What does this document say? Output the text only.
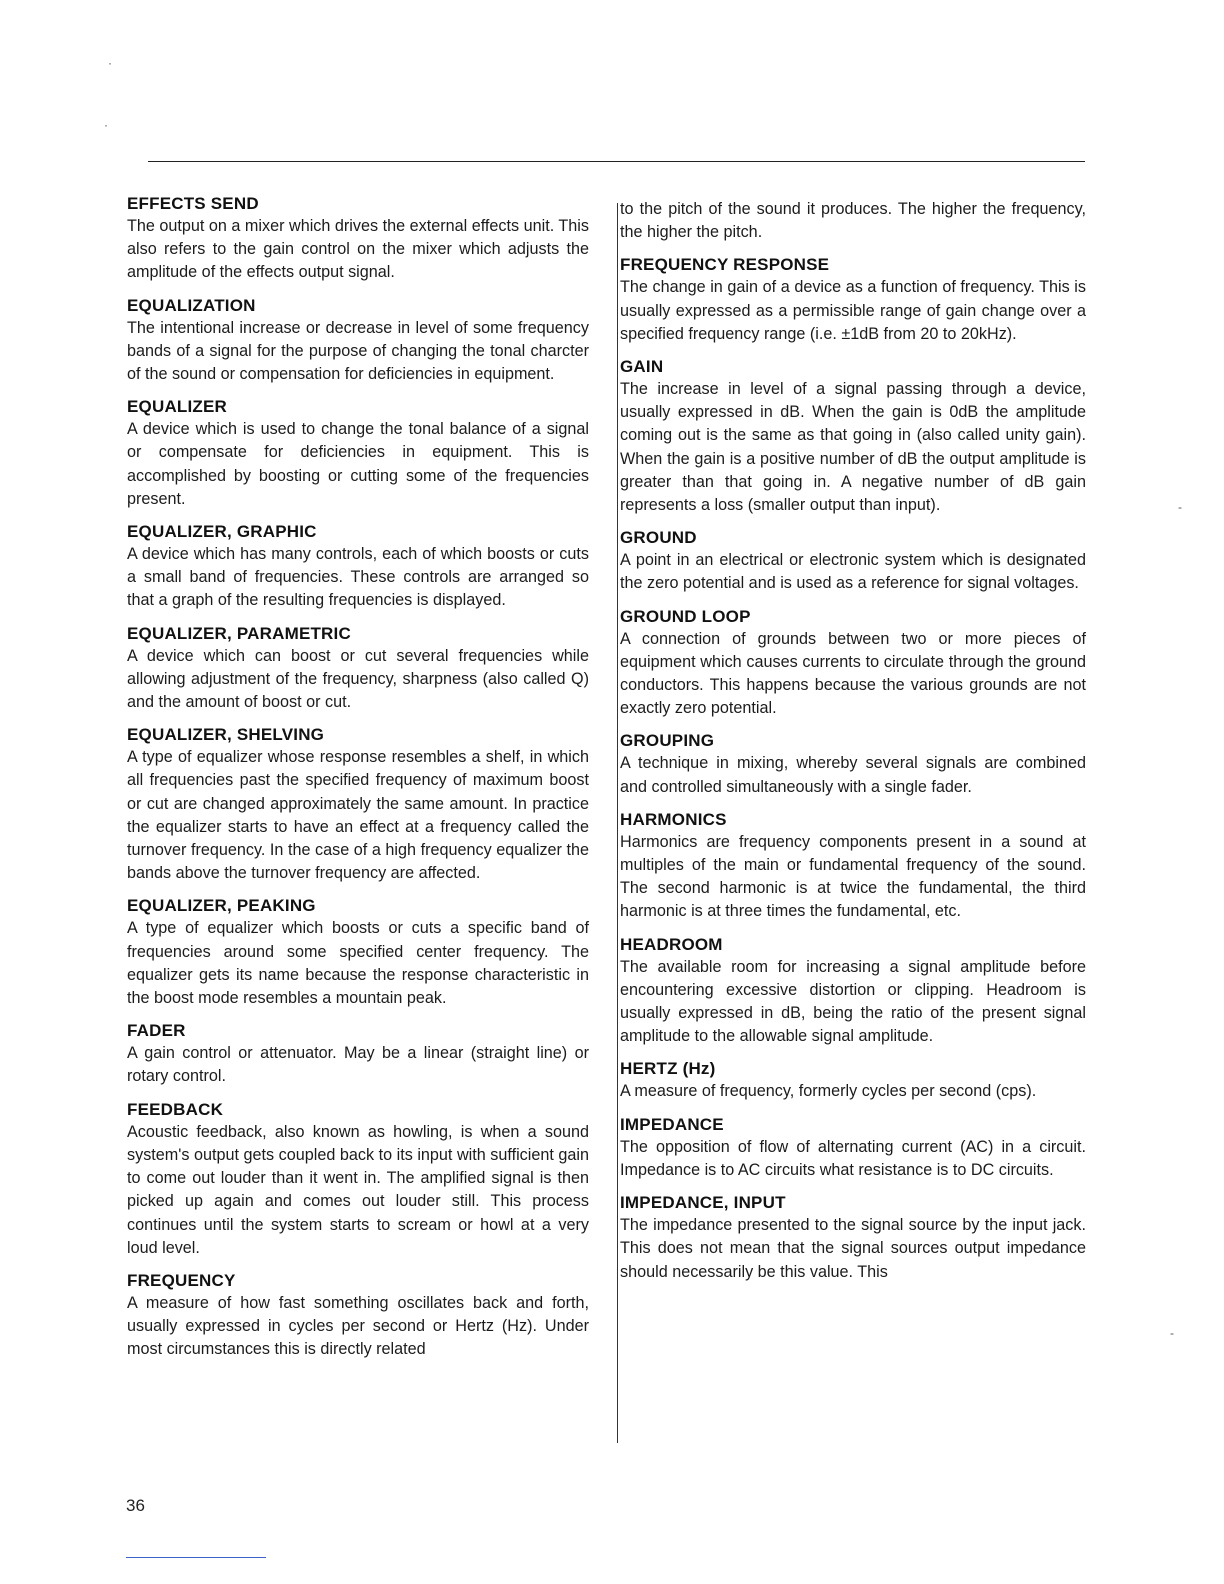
·
·
-
-

EFFECTS SEND

The output on a mixer which drives the external effects unit. This also refers to the gain control on the mixer which adjusts the amplitude of the effects output signal.

EQUALIZATION

The intentional increase or decrease in level of some frequency bands of a signal for the purpose of changing the tonal charcter of the sound or compensation for deficiencies in equipment.

EQUALIZER

A device which is used to change the tonal balance of a signal or compensate for deficiencies in equipment. This is accomplished by boosting or cutting some of the frequencies present.

EQUALIZER, GRAPHIC

A device which has many controls, each of which boosts or cuts a small band of frequencies. These controls are arranged so that a graph of the resulting frequencies is displayed.

EQUALIZER, PARAMETRIC

A device which can boost or cut several frequencies while allowing adjustment of the frequency, sharpness (also called Q) and the amount of boost or cut.

EQUALIZER, SHELVING

A type of equalizer whose response resembles a shelf, in which all frequencies past the specified frequency of maximum boost or cut are changed approximately the same amount. In practice the equalizer starts to have an effect at a frequency called the turnover frequency. In the case of a high frequency equalizer the bands above the turnover frequency are affected.

EQUALIZER, PEAKING

A type of equalizer which boosts or cuts a specific band of frequencies around some specified center frequency. The equalizer gets its name because the response characteristic in the boost mode resembles a mountain peak.

FADER

A gain control or attenuator. May be a linear (straight line) or rotary control.

FEEDBACK

Acoustic feedback, also known as howling, is when a sound system's output gets coupled back to its input with sufficient gain to come out louder than it went in. The amplified signal is then picked up again and comes out louder still. This process continues until the system starts to scream or howl at a very loud level.

FREQUENCY

A measure of how fast something oscillates back and forth, usually expressed in cycles per second or Hertz (Hz). Under most circumstances this is directly related

to the pitch of the sound it produces. The higher the frequency, the higher the pitch.

FREQUENCY RESPONSE

The change in gain of a device as a function of frequency. This is usually expressed as a permissible range of gain change over a specified frequency range (i.e. ±1dB from 20 to 20kHz).

GAIN

The increase in level of a signal passing through a device, usually expressed in dB. When the gain is 0dB the amplitude coming out is the same as that going in (also called unity gain). When the gain is a positive number of dB the output amplitude is greater than that going in. A negative number of dB gain represents a loss (smaller output than input).

GROUND

A point in an electrical or electronic system which is designated the zero potential and is used as a reference for signal voltages.

GROUND LOOP

A connection of grounds between two or more pieces of equipment which causes currents to circulate through the ground conductors. This happens because the various grounds are not exactly zero potential.

GROUPING

A technique in mixing, whereby several signals are combined and controlled simultaneously with a single fader.

HARMONICS

Harmonics are frequency components present in a sound at multiples of the main or fundamental frequency of the sound. The second harmonic is at twice the fundamental, the third harmonic is at three times the fundamental, etc.

HEADROOM

The available room for increasing a signal amplitude before encountering excessive distortion or clipping. Headroom is usually expressed in dB, being the ratio of the present signal amplitude to the allowable signal amplitude.

HERTZ (Hz)

A measure of frequency, formerly cycles per second (cps).

IMPEDANCE

The opposition of flow of alternating current (AC) in a circuit. Impedance is to AC circuits what resistance is to DC circuits.

IMPEDANCE, INPUT

The impedance presented to the signal source by the input jack. This does not mean that the signal sources output impedance should necessarily be this value. This

36
